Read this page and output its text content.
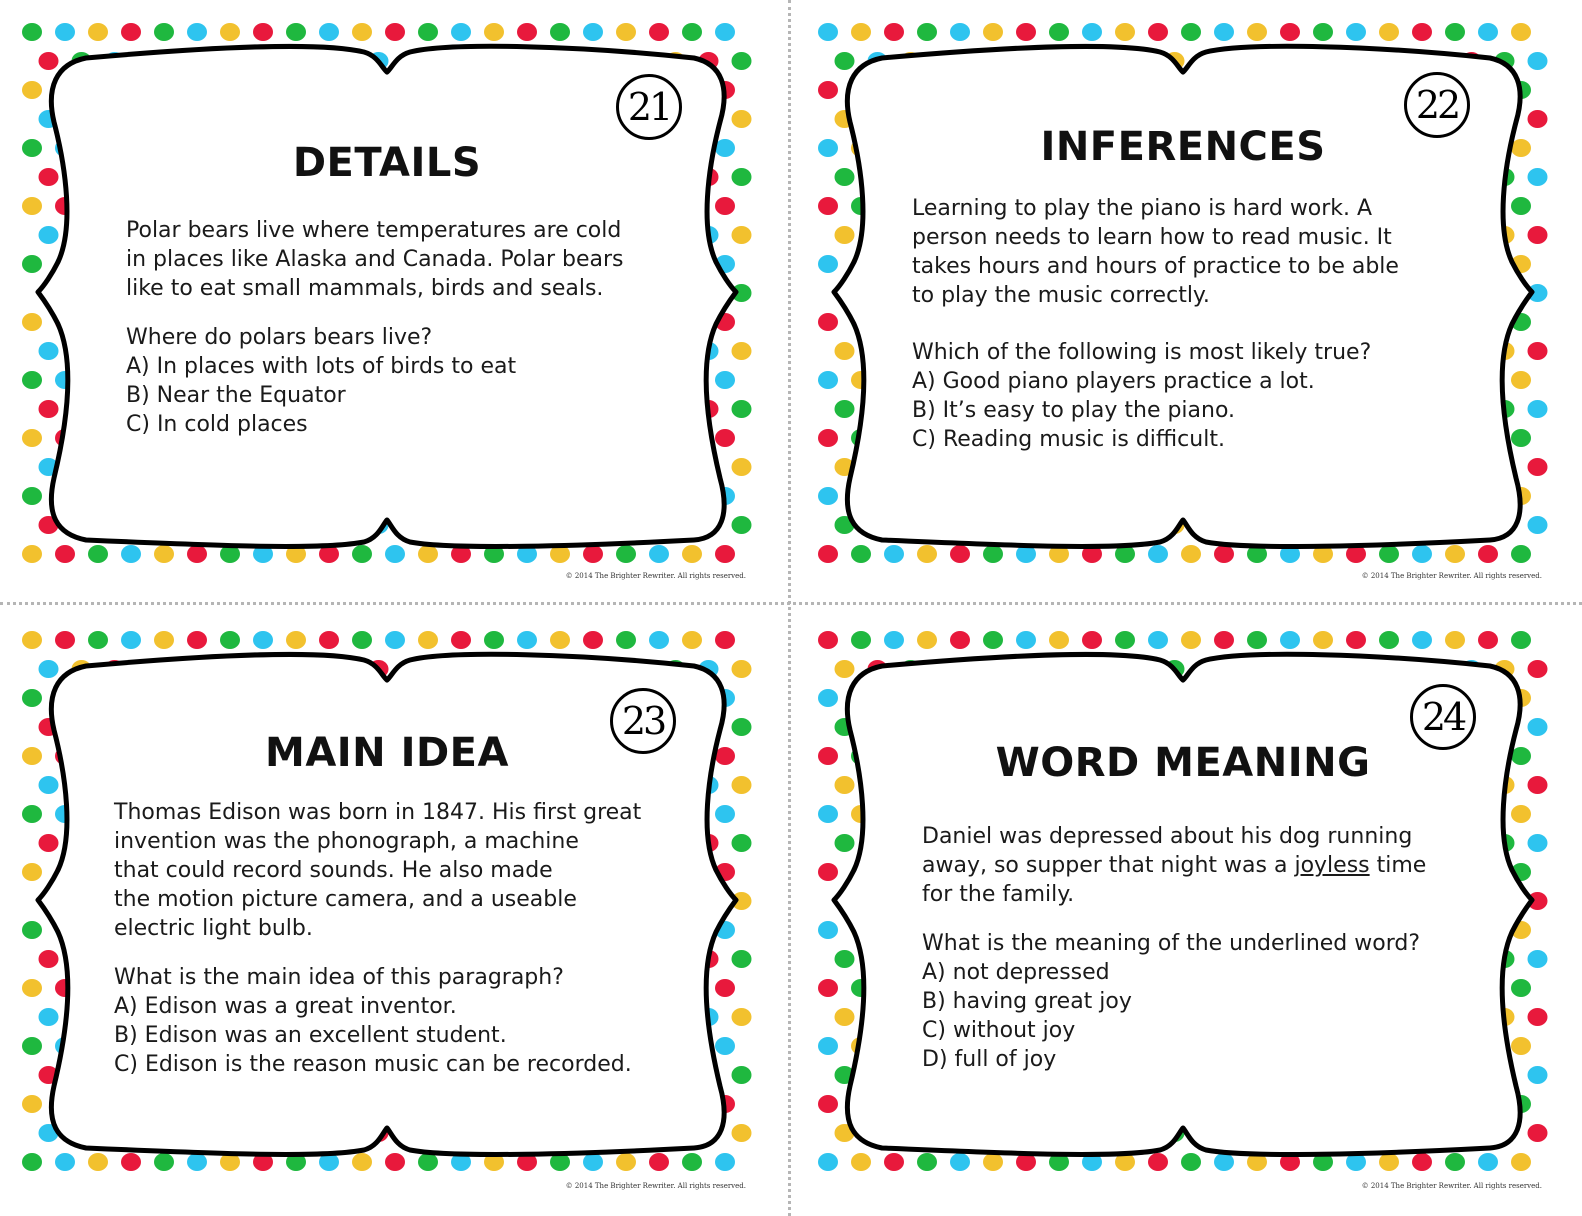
21
DETAILS

Polar bears live where temperatures are cold

in places like Alaska and Canada. Polar bears

like to eat small mammals, birds and seals.

Where do polars bears live?

A) In places with lots of birds to eat

B) Near the Equator

C) In cold places

© 2014 The Brighter Rewriter. All rights reserved.
22
INFERENCES

Learning to play the piano is hard work. A

person needs to learn how to read music. It

takes hours and hours of practice to be able

to play the music correctly.

Which of the following is most likely true?

A) Good piano players practice a lot.

B) It’s easy to play the piano.

C) Reading music is difficult.

© 2014 The Brighter Rewriter. All rights reserved.
23
MAIN IDEA

Thomas Edison was born in 1847. His first great

invention was the phonograph, a machine

that could record sounds. He also made

the motion picture camera, and a useable

electric light bulb.

What is the main idea of this paragraph?

A) Edison was a great inventor.

B) Edison was an excellent student.

C) Edison is the reason music can be recorded.

© 2014 The Brighter Rewriter. All rights reserved.
24
WORD MEANING

Daniel was depressed about his dog running

away, so supper that night was a joyless time

for the family.

What is the meaning of the underlined word?

A) not depressed

B) having great joy

C) without joy

D) full of joy

© 2014 The Brighter Rewriter. All rights reserved.
